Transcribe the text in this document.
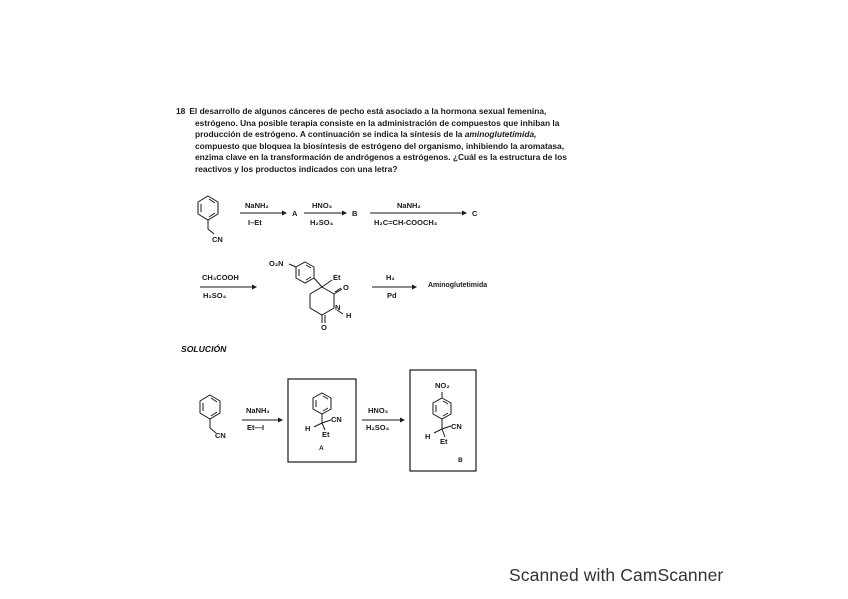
18 El desarrollo de algunos cánceres de pecho está asociado a la hormona sexual femenina,
estrógeno. Una posible terapia consiste en la administración de compuestos que inhiban la
producción de estrógeno. A continuación se indica la síntesis de la aminoglutetimida,
compuesto que bloquea la biosíntesis de estrógeno del organismo, inhibiendo la aromatasa,
enzima clave en la transformación de andrógenos a estrógenos. ¿Cuál es la estructura de los
reactivos y los productos indicados con una letra?
CN
NaNH₂
I–Et
A
HNO₃
H₂SO₄
B
NaNH₂
H₂C=CH-COOCH₃
C
CH₃COOH
H₂SO₄
O₂N
Et
O
N
H
O
H₂
Pd
Aminoglutetimida
SOLUCIÓN
CN
NaNH₂
Et—I	H
CN
Et
A
HNO₃
H₂SO₄
NO₂
H
CN
Et
B
Scanned with CamScanner
